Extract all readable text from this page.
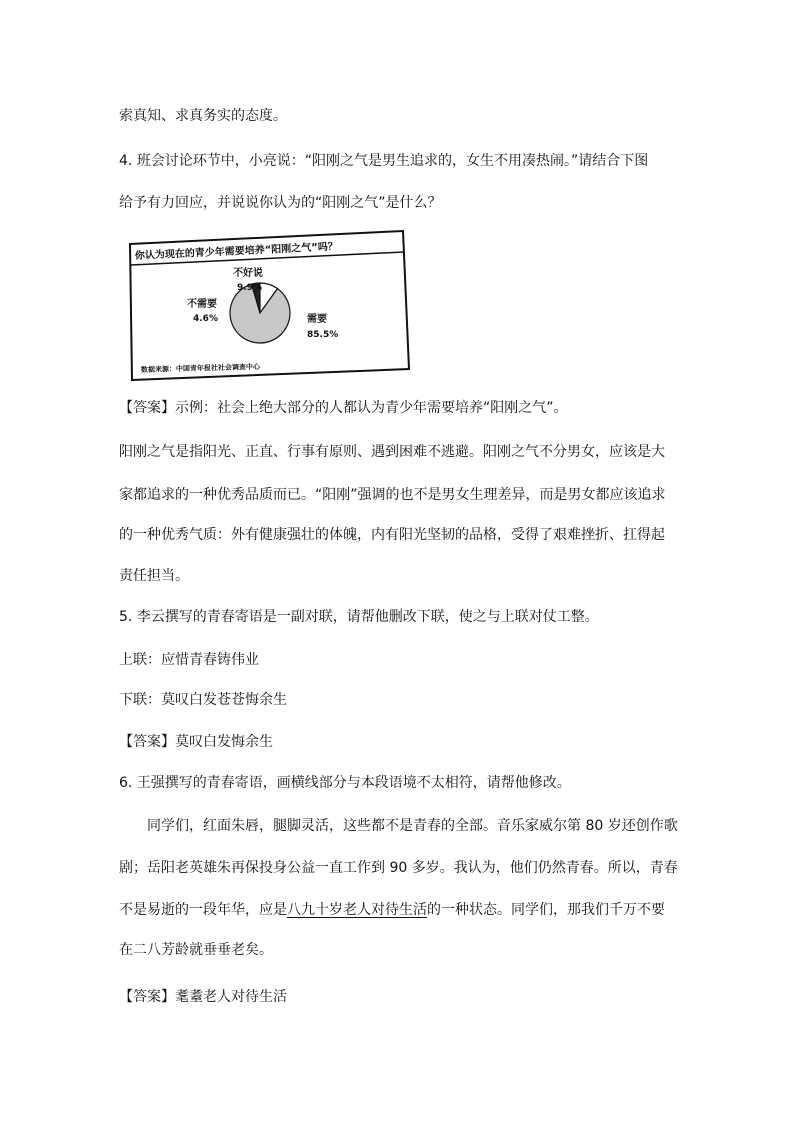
索真知、求真务实的态度。
4. 班会讨论环节中，小亮说：“阳刚之气是男生追求的，女生不用凑热闹。”请结合下图
给予有力回应，并说说你认为的“阳刚之气”是什么？
你认为现在的青少年需要培养“阳刚之气”吗？
不好说
9.9%
不需要
4.6%	需要
85.5%
数据来源：中国青年报社社会调查中心
【答案】示例：社会上绝大部分的人都认为青少年需要培养“阳刚之气”。
阳刚之气是指阳光、正直、行事有原则、遇到困难不逃避。阳刚之气不分男女，应该是大
家都追求的一种优秀品质而已。“阳刚”强调的也不是男女生理差异，而是男女都应该追求
的一种优秀气质：外有健康强壮的体魄，内有阳光坚韧的品格，受得了艰难挫折、扛得起
责任担当。
5. 李云撰写的青春寄语是一副对联，请帮他删改下联，使之与上联对仗工整。
上联：应惜青春铸伟业
下联：莫叹白发苍苍悔余生
【答案】莫叹白发悔余生
6. 王强撰写的青春寄语，画横线部分与本段语境不太相符，请帮他修改。
同学们，红面朱唇，腿脚灵活，这些都不是青春的全部。音乐家威尔第 80 岁还创作歌
剧；岳阳老英雄朱再保投身公益一直工作到 90 多岁。我认为，他们仍然青春。所以，青春
不是易逝的一段年华，应是八九十岁老人对待生活的一种状态。同学们，那我们千万不要
在二八芳龄就垂垂老矣。
【答案】耄耋老人对待生活
